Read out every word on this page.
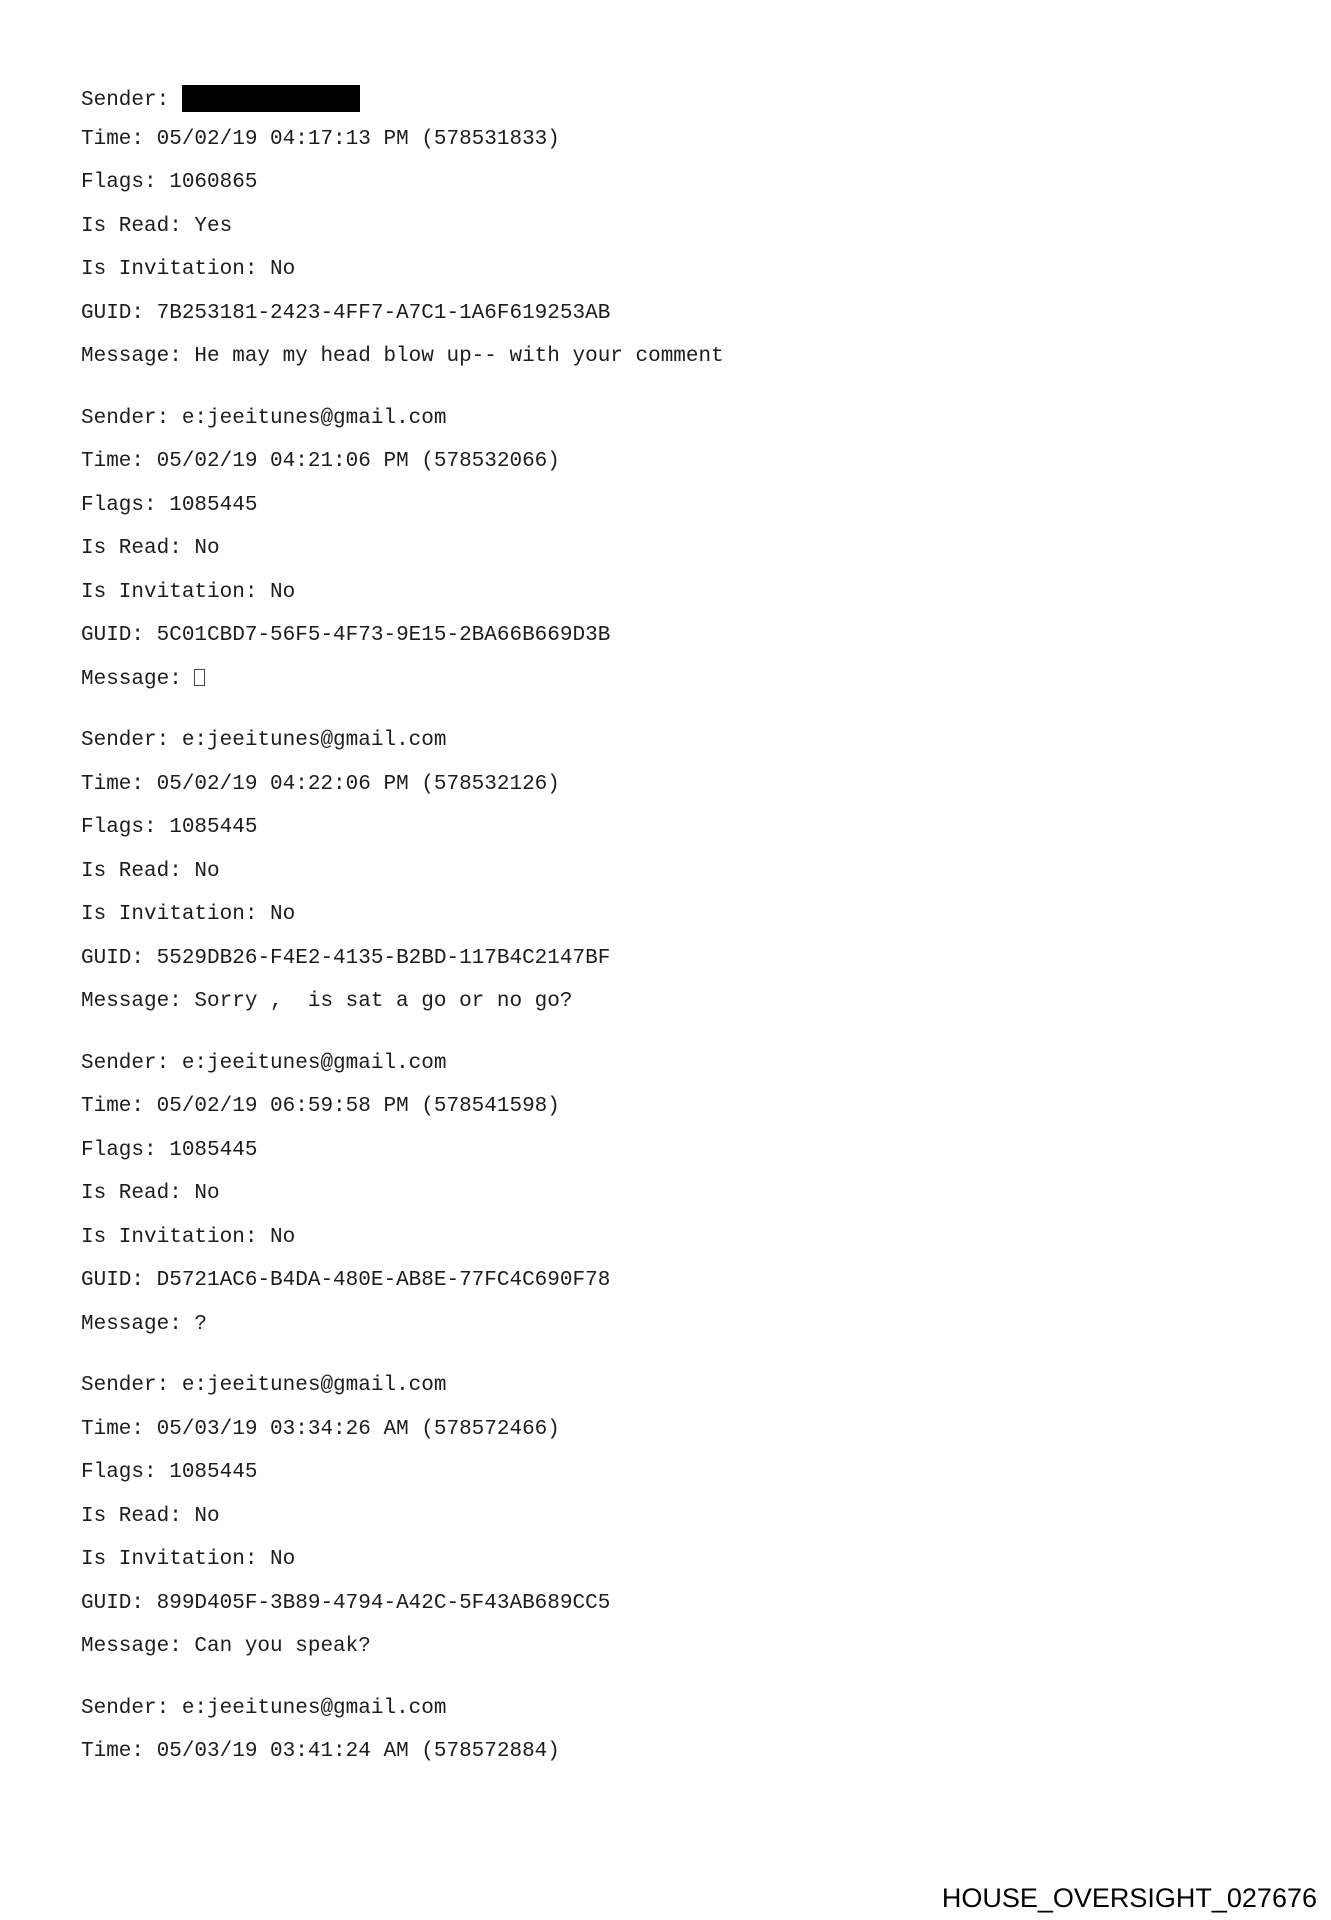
Sender:
Time: 05/02/19 04:17:13 PM (578531833)
Flags: 1060865
Is Read: Yes
Is Invitation: No
GUID: 7B253181-2423-4FF7-A7C1-1A6F619253AB
Message: He may my head blow up-- with your comment
Sender: e:jeeitunes@gmail.com
Time: 05/02/19 04:21:06 PM (578532066)
Flags: 1085445
Is Read: No
Is Invitation: No
GUID: 5C01CBD7-56F5-4F73-9E15-2BA66B669D3B
Message:
Sender: e:jeeitunes@gmail.com
Time: 05/02/19 04:22:06 PM (578532126)
Flags: 1085445
Is Read: No
Is Invitation: No
GUID: 5529DB26-F4E2-4135-B2BD-117B4C2147BF
Message: Sorry ,  is sat a go or no go?
Sender: e:jeeitunes@gmail.com
Time: 05/02/19 06:59:58 PM (578541598)
Flags: 1085445
Is Read: No
Is Invitation: No
GUID: D5721AC6-B4DA-480E-AB8E-77FC4C690F78
Message: ?
Sender: e:jeeitunes@gmail.com
Time: 05/03/19 03:34:26 AM (578572466)
Flags: 1085445
Is Read: No
Is Invitation: No
GUID: 899D405F-3B89-4794-A42C-5F43AB689CC5
Message: Can you speak?
Sender: e:jeeitunes@gmail.com
Time: 05/03/19 03:41:24 AM (578572884)
HOUSE_OVERSIGHT_027676
